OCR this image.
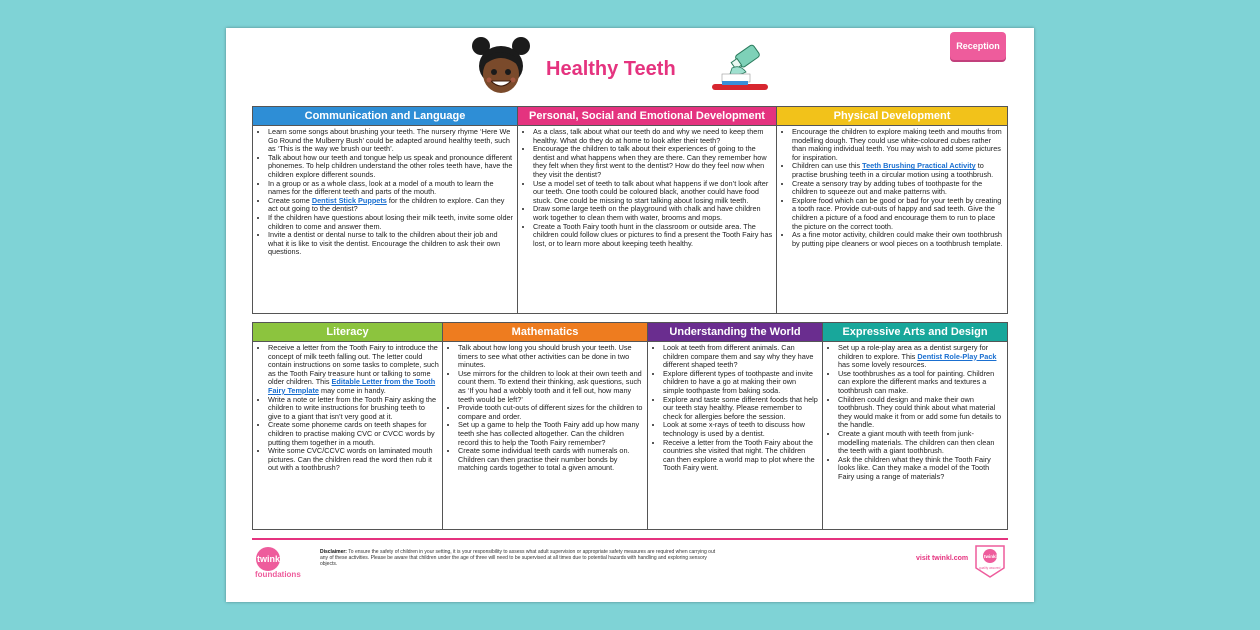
Healthy Teeth
Reception
Communication and Language
• Learn some songs about brushing your teeth. The nursery rhyme ‘Here We Go Round the Mulberry Bush’ could be adapted around healthy teeth, such as ‘This is the way we brush our teeth’.
• Talk about how our teeth and tongue help us speak and pronounce different phonemes. To help children understand the other roles teeth have, have the children explore different sounds.
• In a group or as a whole class, look at a model of a mouth to learn the names for the different teeth and parts of the mouth.
• Create some Dentist Stick Puppets for the children to explore. Can they act out going to the dentist?
• If the children have questions about losing their milk teeth, invite some older children to come and answer them.
• Invite a dentist or dental nurse to talk to the children about their job and what it is like to visit the dentist. Encourage the children to ask their own questions.
Personal, Social and Emotional Development
• As a class, talk about what our teeth do and why we need to keep them healthy. What do they do at home to look after their teeth?
• Encourage the children to talk about their experiences of going to the dentist and what happens when they are there. Can they remember how they felt when they first went to the dentist? How do they feel now when they visit the dentist?
• Use a model set of teeth to talk about what happens if we don’t look after our teeth. One tooth could be coloured black, another could have food stuck. One could be missing to start talking about losing milk teeth.
• Draw some large teeth on the playground with chalk and have children work together to clean them with water, brooms and mops.
• Create a Tooth Fairy tooth hunt in the classroom or outside area. The children could follow clues or pictures to find a present the Tooth Fairy has lost, or to learn more about keeping teeth healthy.
Physical Development
• Encourage the children to explore making teeth and mouths from modelling dough. They could use white-coloured cubes rather than making individual teeth. You may wish to add some pictures for inspiration.
• Children can use this Teeth Brushing Practical Activity to practise brushing teeth in a circular motion using a toothbrush.
• Create a sensory tray by adding tubes of toothpaste for the children to squeeze out and make patterns with.
• Explore food which can be good or bad for your teeth by creating a tooth race. Provide cut-outs of happy and sad teeth. Give the children a picture of a food and encourage them to run to place the picture on the correct tooth.
• As a fine motor activity, children could make their own toothbrush by putting pipe cleaners or wool pieces on a toothbrush template.
Literacy
• Receive a letter from the Tooth Fairy to introduce the concept of milk teeth falling out. The letter could contain instructions on some tasks to complete, such as the Tooth Fairy treasure hunt or talking to some older children. This Editable Letter from the Tooth Fairy Template may come in handy.
• Write a note or letter from the Tooth Fairy asking the children to write instructions for brushing teeth to give to a giant that isn’t very good at it.
• Create some phoneme cards on teeth shapes for children to practise making CVC or CVCC words by putting them together in a mouth.
• Write some CVC/CCVC words on laminated mouth pictures. Can the children read the word then rub it out with a toothbrush?
Mathematics
• Talk about how long you should brush your teeth. Use timers to see what other activities can be done in two minutes.
• Use mirrors for the children to look at their own teeth and count them. To extend their thinking, ask questions, such as ‘If you had a wobbly tooth and it fell out, how many teeth would be left?’
• Provide tooth cut-outs of different sizes for the children to compare and order.
• Set up a game to help the Tooth Fairy add up how many teeth she has collected altogether. Can the children record this to help the Tooth Fairy remember?
• Create some individual teeth cards with numerals on. Children can then practise their number bonds by matching cards together to total a given amount.
Understanding the World
• Look at teeth from different animals. Can children compare them and say why they have different shaped teeth?
• Explore different types of toothpaste and invite children to have a go at making their own simple toothpaste from baking soda.
• Explore and taste some different foods that help our teeth stay healthy. Please remember to check for allergies before the session.
• Look at some x-rays of teeth to discuss how technology is used by a dentist.
• Receive a letter from the Tooth Fairy about the countries she visited that night. The children can then explore a world map to plot where the Tooth Fairy went.
Expressive Arts and Design
• Set up a role-play area as a dentist surgery for children to explore. This Dentist Role-Play Pack has some lovely resources.
• Use toothbrushes as a tool for painting. Children can explore the different marks and textures a toothbrush can make.
• Children could design and make their own toothbrush. They could think about what material they would make it from or add some fun details to the handle.
• Create a giant mouth with teeth from junk-modelling materials. The children can then clean the teeth with a giant toothbrush.
• Ask the children what they think the Tooth Fairy looks like. Can they make a model of the Tooth Fairy using a range of materials?
twinkl
foundations
Disclaimer: To ensure the safety of children in your setting, it is your responsibility to assess what adult supervision or appropriate safety measures are required when carrying out any of these activities. Please be aware that children under the age of three will need to be supervised at all times due to potential hazards with handling and exploring sensory objects.
visit twinkl.com	twinkl
quality assured
